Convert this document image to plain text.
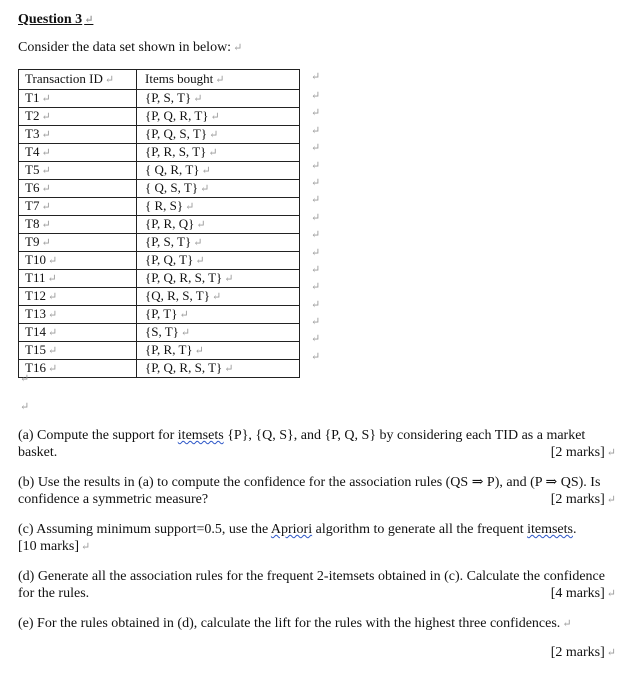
Question 3 ↵
Consider the data set shown in below: ↵
Transaction ID ↵	Items bought ↵
T1 ↵	{P, S, T} ↵
T2 ↵	{P, Q, R, T} ↵
T3 ↵	{P, Q, S, T} ↵
T4 ↵	{P, R, S, T} ↵
T5 ↵	{ Q, R, T} ↵
T6 ↵	{ Q, S, T} ↵
T7 ↵	{ R, S} ↵
T8 ↵	{P, R, Q} ↵
T9 ↵	{P, S, T} ↵
T10 ↵	{P, Q, T} ↵
T11 ↵	{P, Q, R, S, T} ↵
T12 ↵	{Q, R, S, T} ↵
T13 ↵	{P, T} ↵
T14 ↵	{S, T} ↵
T15 ↵	{P, R, T} ↵
T16 ↵	{P, Q, R, S, T} ↵
↵
↵
↵
↵
↵
↵
↵
↵
↵
↵
↵
↵
↵
↵
↵
↵
↵
↵
↵
(a) Compute the support for itemsets {P}, {Q, S}, and {P, Q, S} by considering each TID as a market basket.	[2 marks] ↵
(b) Use the results in (a) to compute the confidence for the association rules (QS ⇒ P), and (P ⇒ QS). Is confidence a symmetric measure?	[2 marks] ↵
(c) Assuming minimum support=0.5, use the Apriori algorithm to generate all the frequent itemsets.
[10 marks] ↵
(d) Generate all the association rules for the frequent 2-itemsets obtained in (c). Calculate the confidence for the rules.	[4 marks] ↵
(e) For the rules obtained in (d), calculate the lift for the rules with the highest three confidences. ↵
[2 marks] ↵
